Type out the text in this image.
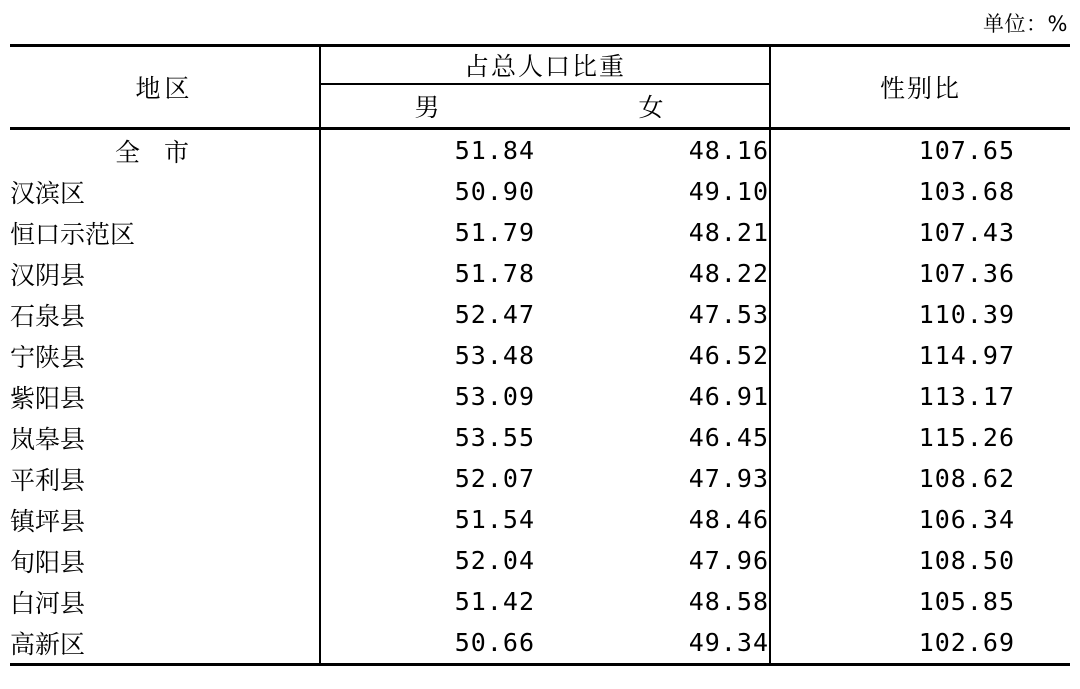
单位：%
地区	占总人口比重		性别比
	男	女	
全 市	51.84	48.16	107.65
汉滨区	50.90	49.10	103.68
恒口示范区	51.79	48.21	107.43
汉阴县	51.78	48.22	107.36
石泉县	52.47	47.53	110.39
宁陕县	53.48	46.52	114.97
紫阳县	53.09	46.91	113.17
岚皋县	53.55	46.45	115.26
平利县	52.07	47.93	108.62
镇坪县	51.54	48.46	106.34
旬阳县	52.04	47.96	108.50
白河县	51.42	48.58	105.85
高新区	50.66	49.34	102.69
